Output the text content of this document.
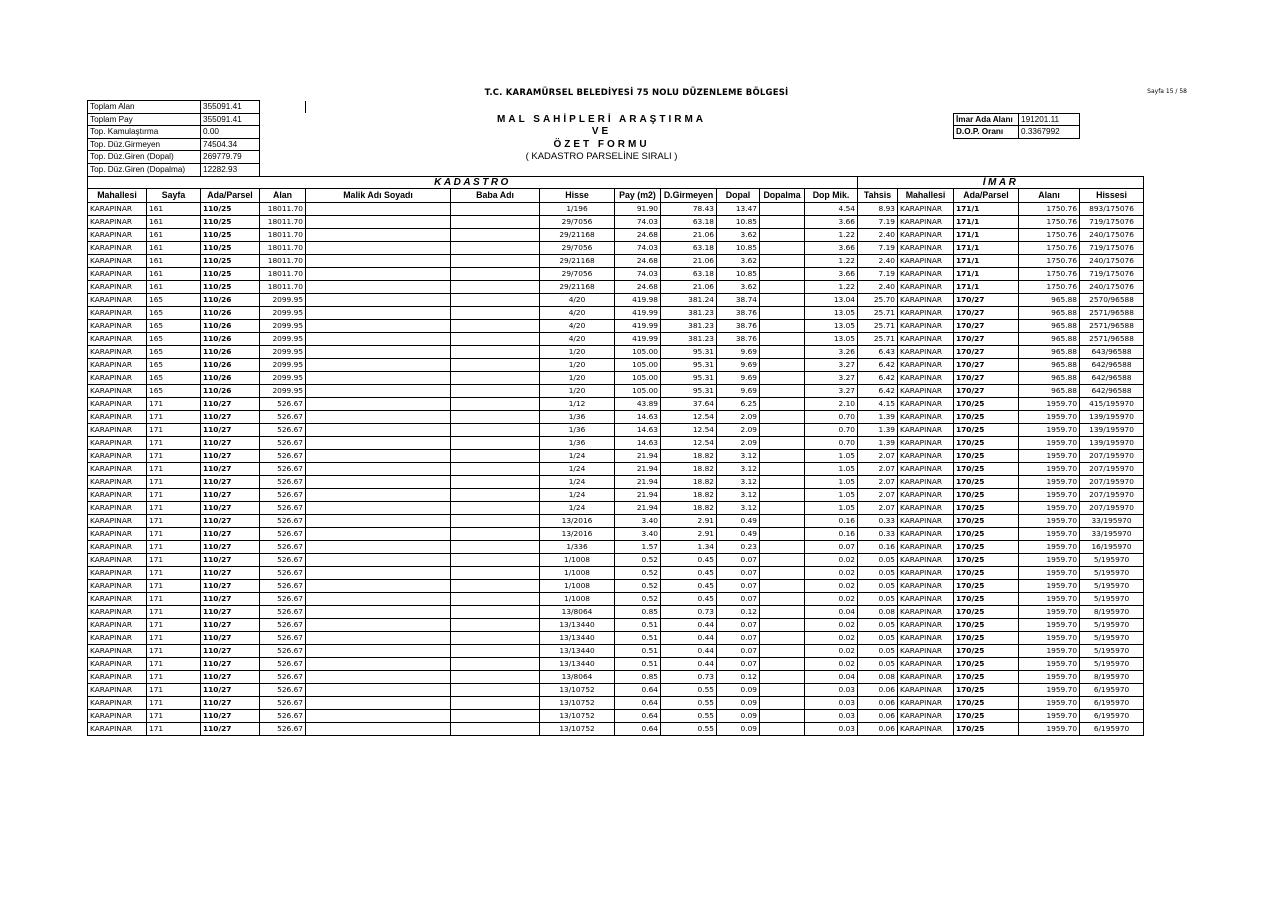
T.C. KARAMÜRSEL BELEDİYESİ 75 NOLU DÜZENLEME BÖLGESİ	Sayfa 15 / 58
Toplam Alan		355091.41														
Toplam Pay		355091.41		MAL SAHİPLERİ ARAŞTIRMA										İmar Ada Alanı	191201.11	
Top. Kamulaştırma		0.00		VE										D.O.P. Oranı	0.3367992	
Top. Düz.Girmeyen		74504.34		ÖZET FORMU												
Top. Düz.Giren (Dopal)		269779.79		( KADASTRO PARSELİNE SIRALI )												
Top. Düz.Giren (Dopalma)		12282.93														
KADASTRO												İMAR				
Mahallesi	Sayfa	Ada/Parsel	Alan	Malik Adı Soyadı	Baba Adı	Hisse	Pay (m2)	D.Girmeyen	Dopal	Dopalma	Dop Mik.	Tahsis	Mahallesi	Ada/Parsel	Alanı	Hissesi
KARAPINAR	161	110/25	18011.70			1/196	91.90	78.43	13.47		4.54	8.93	KARAPINAR	171/1	1750.76	893/175076
KARAPINAR	161	110/25	18011.70			29/7056	74.03	63.18	10.85		3.66	7.19	KARAPINAR	171/1	1750.76	719/175076
KARAPINAR	161	110/25	18011.70			29/21168	24.68	21.06	3.62		1.22	2.40	KARAPINAR	171/1	1750.76	240/175076
KARAPINAR	161	110/25	18011.70			29/7056	74.03	63.18	10.85		3.66	7.19	KARAPINAR	171/1	1750.76	719/175076
KARAPINAR	161	110/25	18011.70			29/21168	24.68	21.06	3.62		1.22	2.40	KARAPINAR	171/1	1750.76	240/175076
KARAPINAR	161	110/25	18011.70			29/7056	74.03	63.18	10.85		3.66	7.19	KARAPINAR	171/1	1750.76	719/175076
KARAPINAR	161	110/25	18011.70			29/21168	24.68	21.06	3.62		1.22	2.40	KARAPINAR	171/1	1750.76	240/175076
KARAPINAR	165	110/26	2099.95			4/20	419.98	381.24	38.74		13.04	25.70	KARAPINAR	170/27	965.88	2570/96588
KARAPINAR	165	110/26	2099.95			4/20	419.99	381.23	38.76		13.05	25.71	KARAPINAR	170/27	965.88	2571/96588
KARAPINAR	165	110/26	2099.95			4/20	419.99	381.23	38.76		13.05	25.71	KARAPINAR	170/27	965.88	2571/96588
KARAPINAR	165	110/26	2099.95			4/20	419.99	381.23	38.76		13.05	25.71	KARAPINAR	170/27	965.88	2571/96588
KARAPINAR	165	110/26	2099.95			1/20	105.00	95.31	9.69		3.26	6.43	KARAPINAR	170/27	965.88	643/96588
KARAPINAR	165	110/26	2099.95			1/20	105.00	95.31	9.69		3.27	6.42	KARAPINAR	170/27	965.88	642/96588
KARAPINAR	165	110/26	2099.95			1/20	105.00	95.31	9.69		3.27	6.42	KARAPINAR	170/27	965.88	642/96588
KARAPINAR	165	110/26	2099.95			1/20	105.00	95.31	9.69		3.27	6.42	KARAPINAR	170/27	965.88	642/96588
KARAPINAR	171	110/27	526.67			1/12	43.89	37.64	6.25		2.10	4.15	KARAPINAR	170/25	1959.70	415/195970
KARAPINAR	171	110/27	526.67			1/36	14.63	12.54	2.09		0.70	1.39	KARAPINAR	170/25	1959.70	139/195970
KARAPINAR	171	110/27	526.67			1/36	14.63	12.54	2.09		0.70	1.39	KARAPINAR	170/25	1959.70	139/195970
KARAPINAR	171	110/27	526.67			1/36	14.63	12.54	2.09		0.70	1.39	KARAPINAR	170/25	1959.70	139/195970
KARAPINAR	171	110/27	526.67			1/24	21.94	18.82	3.12		1.05	2.07	KARAPINAR	170/25	1959.70	207/195970
KARAPINAR	171	110/27	526.67			1/24	21.94	18.82	3.12		1.05	2.07	KARAPINAR	170/25	1959.70	207/195970
KARAPINAR	171	110/27	526.67			1/24	21.94	18.82	3.12		1.05	2.07	KARAPINAR	170/25	1959.70	207/195970
KARAPINAR	171	110/27	526.67			1/24	21.94	18.82	3.12		1.05	2.07	KARAPINAR	170/25	1959.70	207/195970
KARAPINAR	171	110/27	526.67			1/24	21.94	18.82	3.12		1.05	2.07	KARAPINAR	170/25	1959.70	207/195970
KARAPINAR	171	110/27	526.67			13/2016	3.40	2.91	0.49		0.16	0.33	KARAPINAR	170/25	1959.70	33/195970
KARAPINAR	171	110/27	526.67			13/2016	3.40	2.91	0.49		0.16	0.33	KARAPINAR	170/25	1959.70	33/195970
KARAPINAR	171	110/27	526.67			1/336	1.57	1.34	0.23		0.07	0.16	KARAPINAR	170/25	1959.70	16/195970
KARAPINAR	171	110/27	526.67			1/1008	0.52	0.45	0.07		0.02	0.05	KARAPINAR	170/25	1959.70	5/195970
KARAPINAR	171	110/27	526.67			1/1008	0.52	0.45	0.07		0.02	0.05	KARAPINAR	170/25	1959.70	5/195970
KARAPINAR	171	110/27	526.67			1/1008	0.52	0.45	0.07		0.02	0.05	KARAPINAR	170/25	1959.70	5/195970
KARAPINAR	171	110/27	526.67			1/1008	0.52	0.45	0.07		0.02	0.05	KARAPINAR	170/25	1959.70	5/195970
KARAPINAR	171	110/27	526.67			13/8064	0.85	0.73	0.12		0.04	0.08	KARAPINAR	170/25	1959.70	8/195970
KARAPINAR	171	110/27	526.67			13/13440	0.51	0.44	0.07		0.02	0.05	KARAPINAR	170/25	1959.70	5/195970
KARAPINAR	171	110/27	526.67			13/13440	0.51	0.44	0.07		0.02	0.05	KARAPINAR	170/25	1959.70	5/195970
KARAPINAR	171	110/27	526.67			13/13440	0.51	0.44	0.07		0.02	0.05	KARAPINAR	170/25	1959.70	5/195970
KARAPINAR	171	110/27	526.67			13/13440	0.51	0.44	0.07		0.02	0.05	KARAPINAR	170/25	1959.70	5/195970
KARAPINAR	171	110/27	526.67			13/8064	0.85	0.73	0.12		0.04	0.08	KARAPINAR	170/25	1959.70	8/195970
KARAPINAR	171	110/27	526.67			13/10752	0.64	0.55	0.09		0.03	0.06	KARAPINAR	170/25	1959.70	6/195970
KARAPINAR	171	110/27	526.67			13/10752	0.64	0.55	0.09		0.03	0.06	KARAPINAR	170/25	1959.70	6/195970
KARAPINAR	171	110/27	526.67			13/10752	0.64	0.55	0.09		0.03	0.06	KARAPINAR	170/25	1959.70	6/195970
KARAPINAR	171	110/27	526.67			13/10752	0.64	0.55	0.09		0.03	0.06	KARAPINAR	170/25	1959.70	6/195970
